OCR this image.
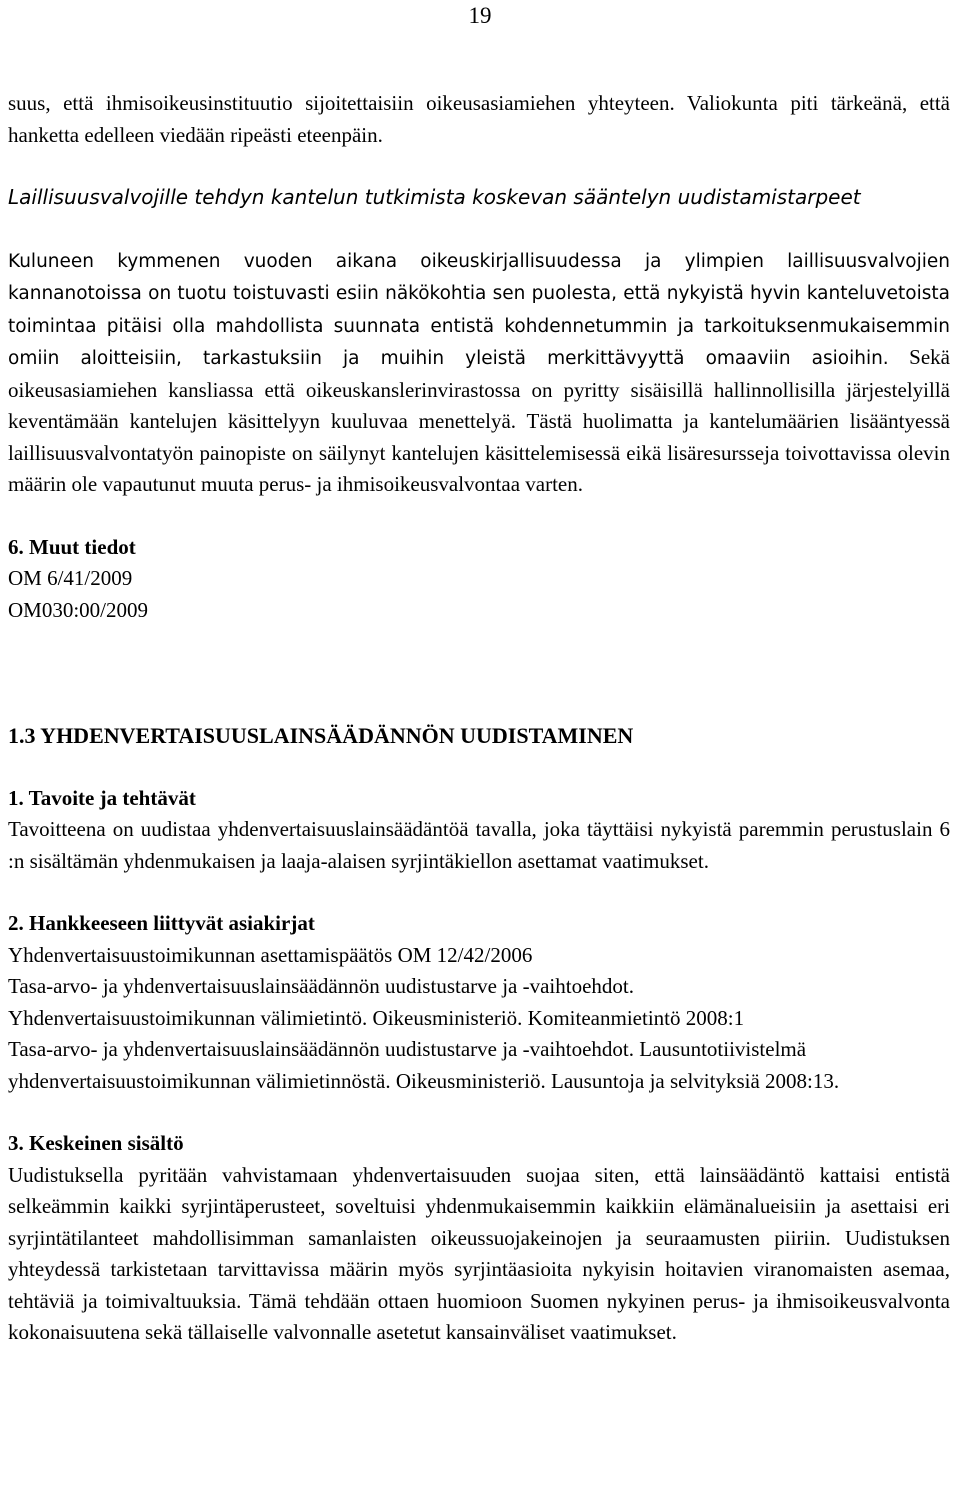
19

suus, että ihmisoikeusinstituutio sijoitettaisiin oikeusasiamiehen yhteyteen. Valiokunta piti tärkeänä, että hanketta edelleen viedään ripeästi eteenpäin.

Laillisuusvalvojille tehdyn kantelun tutkimista koskevan sääntelyn uudistamistarpeet

Kuluneen kymmenen vuoden aikana oikeuskirjallisuudessa ja ylimpien laillisuusvalvojien kannanotoissa on tuotu toistuvasti esiin näkökohtia sen puolesta, että nykyistä hyvin kanteluvetoista toimintaa pitäisi olla mahdollista suunnata entistä kohdennetummin ja tarkoituksenmukaisemmin omiin aloitteisiin, tarkastuksiin ja muihin yleistä merkittävyyttä omaaviin asioihin. Sekä oikeusasiamiehen kansliassa että oikeuskanslerinvirastossa on pyritty sisäisillä hallinnollisilla järjestelyillä keventämään kantelujen käsittelyyn kuuluvaa menettelyä. Tästä huolimatta ja kantelumäärien lisääntyessä laillisuusvalvontatyön painopiste on säilynyt kantelujen käsittelemisessä eikä lisäresursseja toivottavissa olevin määrin ole vapautunut muuta perus- ja ihmisoikeusvalvontaa varten.

6. Muut tiedot

OM 6/41/2009

OM030:00/2009

1.3 YHDENVERTAISUUSLAINSÄÄDÄNNÖN UUDISTAMINEN

1. Tavoite ja tehtävät

Tavoitteena on uudistaa yhdenvertaisuuslainsäädäntöä tavalla, joka täyttäisi nykyistä paremmin perustuslain 6 :n sisältämän yhdenmukaisen ja laaja-alaisen syrjintäkiellon asettamat vaatimukset.

2. Hankkeeseen liittyvät asiakirjat

Yhdenvertaisuustoimikunnan asettamispäätös OM 12/42/2006

Tasa-arvo- ja yhdenvertaisuuslainsäädännön uudistustarve ja -vaihtoehdot.

Yhdenvertaisuustoimikunnan välimietintö. Oikeusministeriö. Komiteanmietintö 2008:1

Tasa-arvo- ja yhdenvertaisuuslainsäädännön uudistustarve ja -vaihtoehdot. Lausuntotiivistelmä

yhdenvertaisuustoimikunnan välimietinnöstä. Oikeusministeriö. Lausuntoja ja selvityksiä 2008:13.

3. Keskeinen sisältö

Uudistuksella pyritään vahvistamaan yhdenvertaisuuden suojaa siten, että lainsäädäntö kattaisi entistä selkeämmin kaikki syrjintäperusteet, soveltuisi yhdenmukaisemmin kaikkiin elämänalueisiin ja asettaisi eri syrjintätilanteet mahdollisimman samanlaisten oikeussuojakeinojen ja seuraamusten piiriin. Uudistuksen yhteydessä tarkistetaan tarvittavissa määrin myös syrjintäasioita nykyisin hoitavien viranomaisten asemaa, tehtäviä ja toimivaltuuksia. Tämä tehdään ottaen huomioon Suomen nykyinen perus- ja ihmisoikeusvalvonta kokonaisuutena sekä tällaiselle valvonnalle asetetut kansainväliset vaatimukset.
